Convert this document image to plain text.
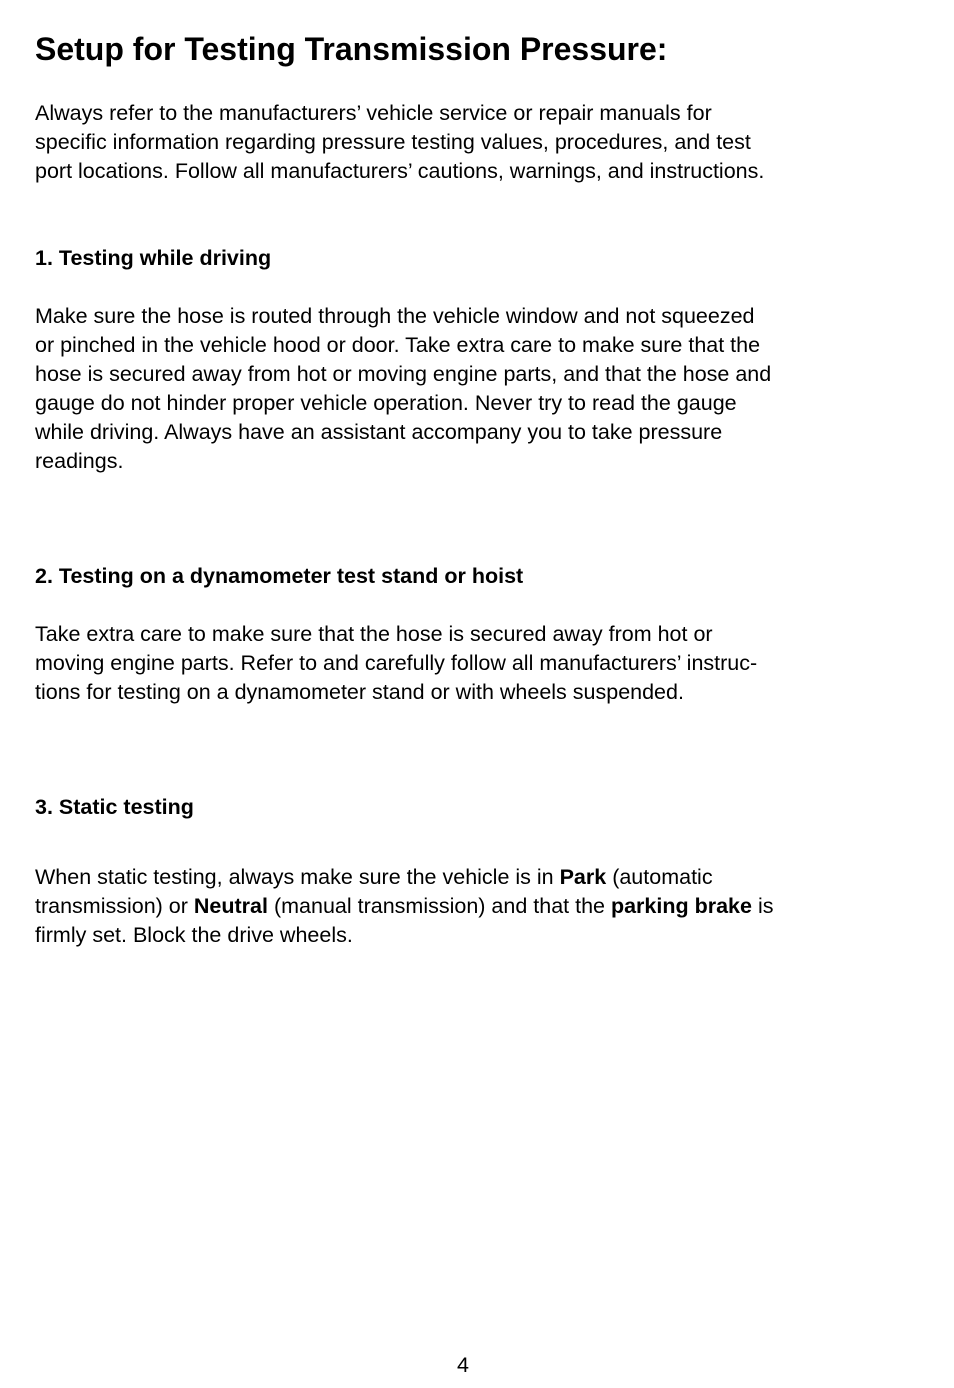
Setup for Testing Transmission Pressure:

Always refer to the manufacturers’ vehicle service or repair manuals for
specific information regarding pressure testing values, procedures, and test
port locations. Follow all manufacturers’ cautions, warnings, and instructions.

1. Testing while driving

Make sure the hose is routed through the vehicle window and not squeezed
or pinched in the vehicle hood or door. Take extra care to make sure that the
hose is secured away from hot or moving engine parts, and that the hose and
gauge do not hinder proper vehicle operation. Never try to read the gauge
while driving. Always have an assistant accompany you to take pressure
readings.

2. Testing on a dynamometer test stand or hoist

Take extra care to make sure that the hose is secured away from hot or
moving engine parts. Refer to and carefully follow all manufacturers’ instruc-
tions for testing on a dynamometer stand or with wheels suspended.

3. Static testing

When static testing, always make sure the vehicle is in Park (automatic
transmission) or Neutral (manual transmission) and that the parking brake is
firmly set. Block the drive wheels.

4
